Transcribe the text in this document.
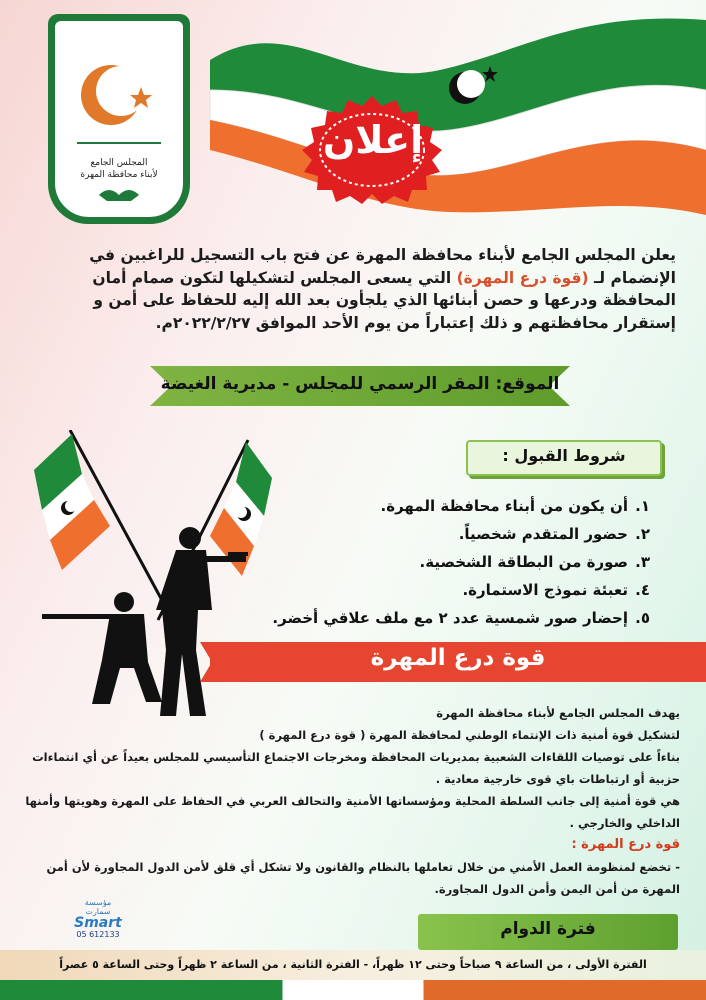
المجلس الجامع
لأبناء محافظة المهرة
إعلان
يعلن المجلس الجامع لأبناء محافظة المهرة عن فتح باب التسجيل للراغبين في الإنضمام لـ (قوة درع المهرة) التي يسعى المجلس لتشكيلها لتكون صمام أمان المحافظة ودرعها و حصن أبنائها الذي يلجأون بعد الله إليه للحفاظ على أمن و إستقرار محافظتهم و ذلك إعتباراً من يوم الأحد الموافق ٢٠٢٢/٢/٢٧م.
الموقع: المقر الرسمي للمجلس - مديرية الغيضة
شروط القبول :
١.
أن يكون من أبناء محافظة المهرة.
٢.
حضور المتقدم شخصياً.
٣.
صورة من البطاقة الشخصية.
٤.
تعبئة نموذج الاستمارة.
٥.
إحضار صور شمسية عدد ٢ مع ملف علاقي أخضر.
قوة درع المهرة
يهدف المجلس الجامع لأبناء محافظة المهرة
لتشكيل قوة أمنية ذات الإنتماء الوطني لمحافظة المهرة ( قوة درع المهرة )
بناءاً على توصيات اللقاءات الشعبية بمديريات المحافظة ومخرجات الاجتماع التأسيسي للمجلس بعيداً عن أي انتماءات حزبية أو ارتباطات باي قوى خارجية معادية .
هي قوة أمنية إلى جانب السلطة المحلية ومؤسساتها الأمنية والتحالف العربي في الحفاظ على المهرة وهويتها وأمنها الداخلي والخارجي .
قوة درع المهرة :
- تخضع لمنظومة العمل الأمني من خلال تعاملها بالنظام والقانون ولا تشكل أي قلق لأمن الدول المجاورة لأن أمن المهرة من أمن اليمن وأمن الدول المجاورة.
مؤسسة سمارت
Smart
05 612133	فترة الدوام
الفترة الأولى ، من الساعة ٩ صباحاً وحتى ١٢ ظهراً، - الفترة الثانية ، من الساعة ٢ ظهراً وحتى الساعة ٥ عصراً
